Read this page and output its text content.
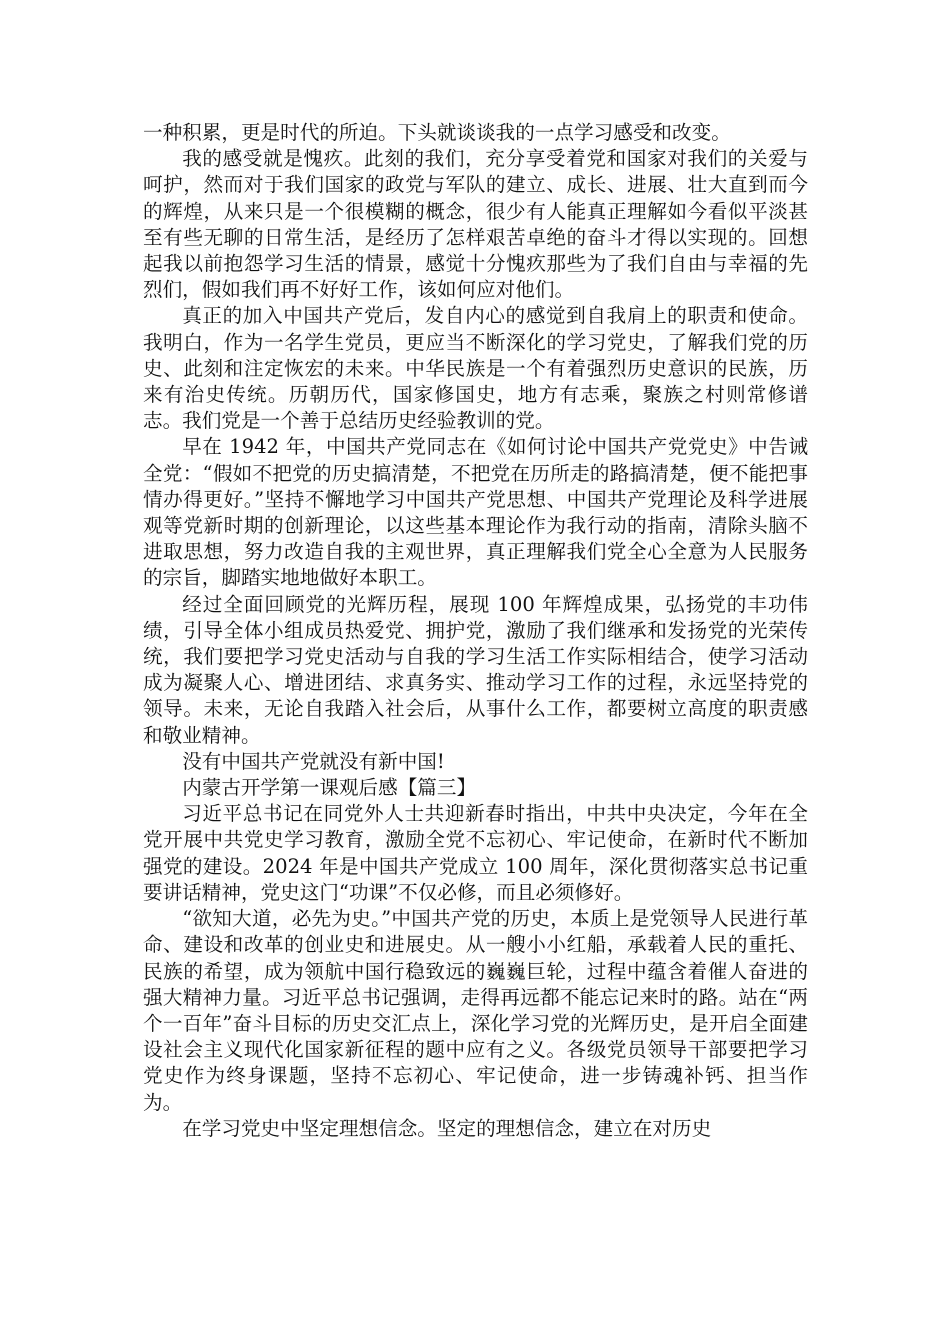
一种积累，更是时代的所迫。下头就谈谈我的一点学习感受和改变。

我的感受就是愧疚。此刻的我们，充分享受着党和国家对我们的关爱与呵护，然而对于我们国家的政党与军队的建立、成长、进展、壮大直到而今的辉煌，从来只是一个很模糊的概念，很少有人能真正理解如今看似平淡甚至有些无聊的日常生活，是经历了怎样艰苦卓绝的奋斗才得以实现的。回想起我以前抱怨学习生活的情景，感觉十分愧疚那些为了我们自由与幸福的先烈们，假如我们再不好好工作，该如何应对他们。

真正的加入中国共产党后，发自内心的感觉到自我肩上的职责和使命。我明白，作为一名学生党员，更应当不断深化的学习党史，了解我们党的历史、此刻和注定恢宏的未来。中华民族是一个有着强烈历史意识的民族，历来有治史传统。历朝历代，国家修国史，地方有志乘，聚族之村则常修谱志。我们党是一个善于总结历史经验教训的党。

早在 1942 年，中国共产党同志在《如何讨论中国共产党党史》中告诫全党：“假如不把党的历史搞清楚，不把党在历所走的路搞清楚，便不能把事情办得更好。”坚持不懈地学习中国共产党思想、中国共产党理论及科学进展观等党新时期的创新理论，以这些基本理论作为我行动的指南，清除头脑不进取思想，努力改造自我的主观世界，真正理解我们党全心全意为人民服务的宗旨，脚踏实地地做好本职工。

经过全面回顾党的光辉历程，展现 100 年辉煌成果，弘扬党的丰功伟绩，引导全体小组成员热爱党、拥护党，激励了我们继承和发扬党的光荣传统，我们要把学习党史活动与自我的学习生活工作实际相结合，使学习活动成为凝聚人心、增进团结、求真务实、推动学习工作的过程，永远坚持党的领导。未来，无论自我踏入社会后，从事什么工作，都要树立高度的职责感和敬业精神。

没有中国共产党就没有新中国!

内蒙古开学第一课观后感【篇三】

习近平总书记在同党外人士共迎新春时指出，中共中央决定，今年在全党开展中共党史学习教育，激励全党不忘初心、牢记使命，在新时代不断加强党的建设。2024 年是中国共产党成立 100 周年，深化贯彻落实总书记重要讲话精神，党史这门“功课”不仅必修，而且必须修好。

“欲知大道，必先为史。”中国共产党的历史，本质上是党领导人民进行革命、建设和改革的创业史和进展史。从一艘小小红船，承载着人民的重托、民族的希望，成为领航中国行稳致远的巍巍巨轮，过程中蕴含着催人奋进的强大精神力量。习近平总书记强调，走得再远都不能忘记来时的路。站在“两个一百年”奋斗目标的历史交汇点上，深化学习党的光辉历史，是开启全面建设社会主义现代化国家新征程的题中应有之义。各级党员领导干部要把学习党史作为终身课题，坚持不忘初心、牢记使命，进一步铸魂补钙、担当作为。

在学习党史中坚定理想信念。坚定的理想信念，建立在对历史
